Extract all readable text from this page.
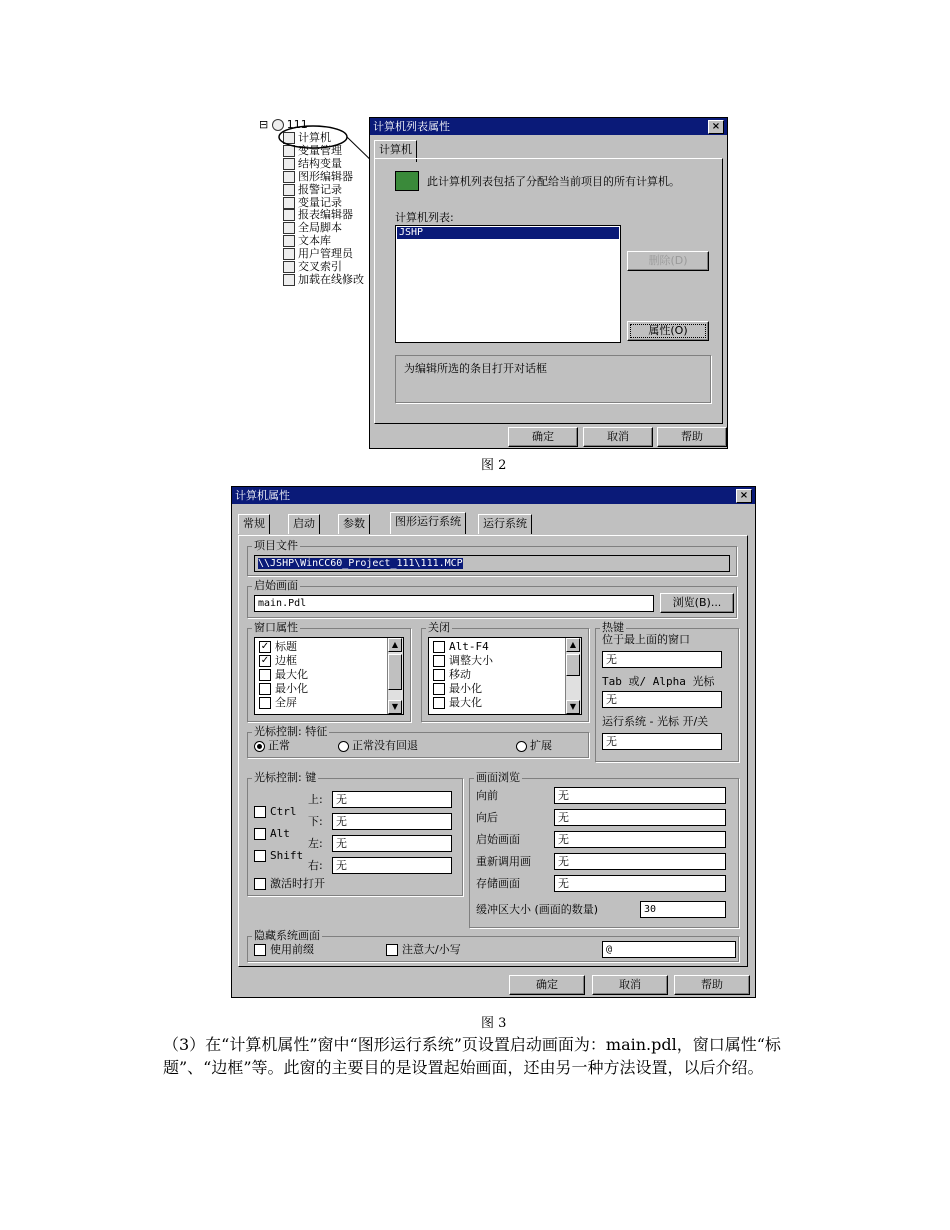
⊟ 111
计算机
变量管理
结构变量
图形编辑器
报警记录
变量记录
报表编辑器
全局脚本
文本库
用户管理员
交叉索引
加载在线修改
计算机列表属性	×
计算机
此计算机列表包括了分配给当前项目的所有计算机。
计算机列表:
JSHP
删除(D)
属性(O)
为编辑所选的条目打开对话框
确定	取消	帮助
图 2
计算机属性	×
常规	启动	参数	图形运行系统	运行系统
项目文件
\\JSHP\WinCC60_Project_111\111.MCP
启始画面
main.Pdl	浏览(B)...
窗口属性
✓ 标题
✓ 边框
最大化
最小化
全屏
▲
▼
关闭
Alt-F4
调整大小
移动
最小化
最大化
▲
▼
热键
位于最上面的窗口
无
Tab 或/ Alpha 光标
无
运行系统 - 光标 开/关
无
光标控制: 特征
正常	正常没有回退	扩展
光标控制: 键
Ctrl
Alt
Shift
上:	无
下:	无
左:	无
右:	无
激活时打开
画面浏览
向前	无
向后	无
启始画面	无
重新调用画	无
存储画面	无
缓冲区大小 (画面的数量)	30
隐藏系统画面
使用前缀	注意大/小写	@
确定	取消	帮助
图 3
（3）在“计算机属性”窗中“图形运行系统”页设置启动画面为：main.pdl，窗口属性“标题”、“边框”等。此窗的主要目的是设置起始画面，还由另一种方法设置，以后介绍。
